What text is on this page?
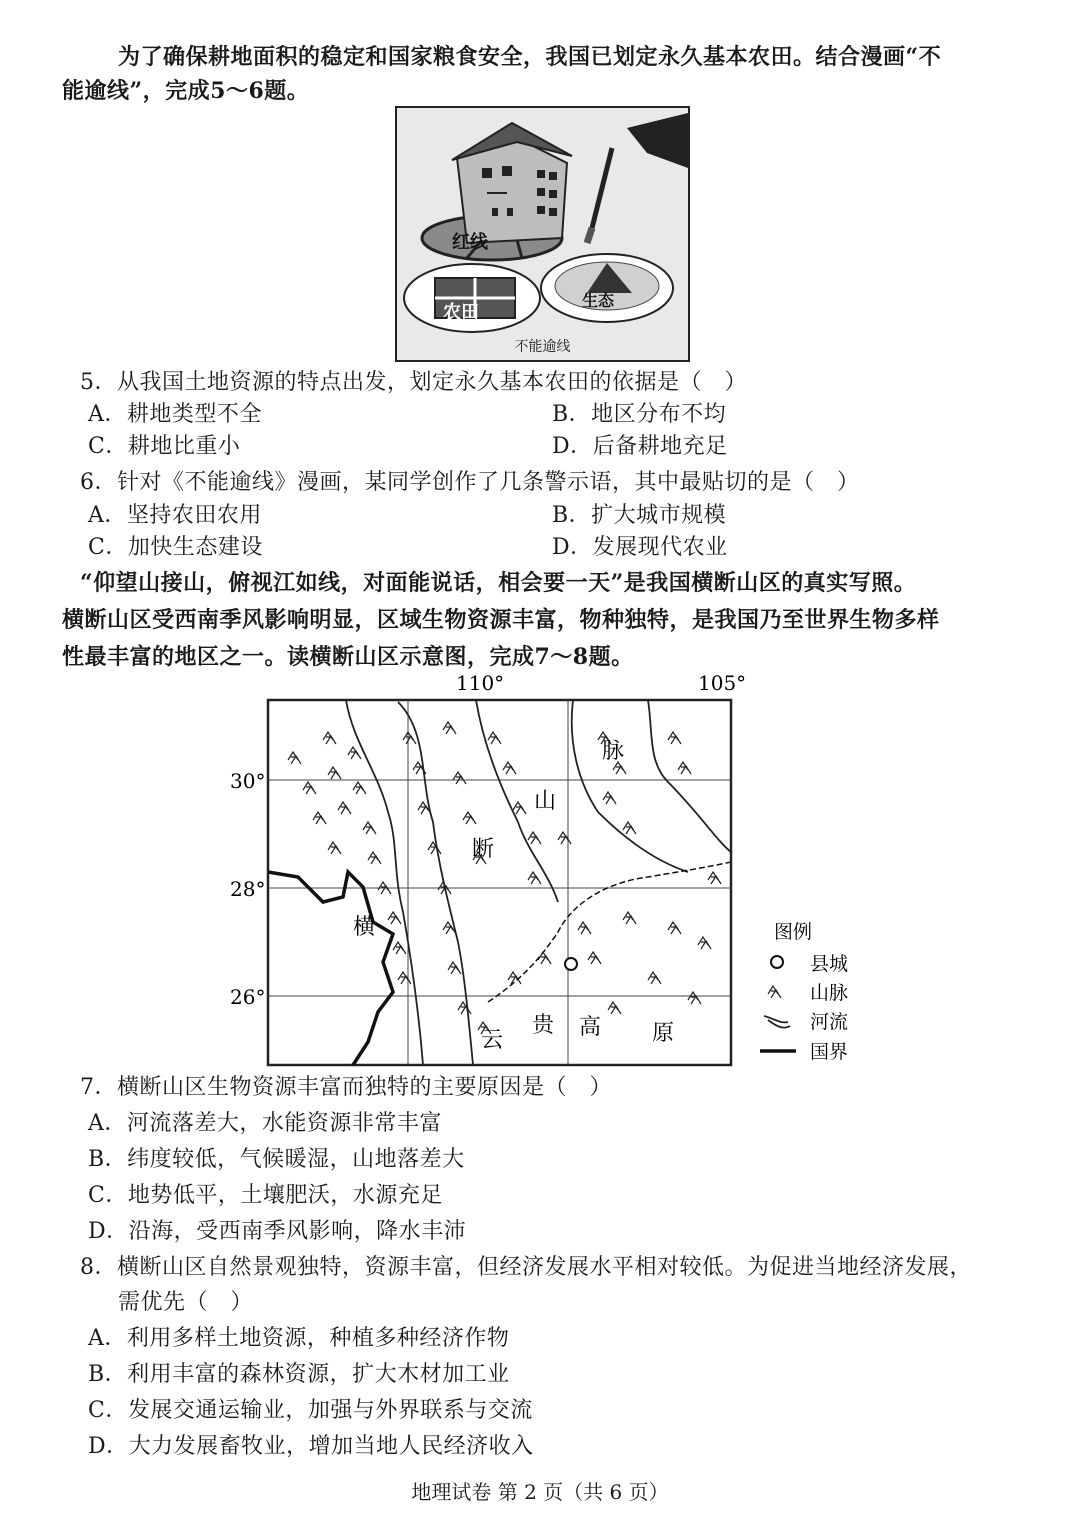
为了确保耕地面积的稳定和国家粮食安全，我国已划定永久基本农田。结合漫画“不
能逾线”，完成5～6题。
红线
农田
生态
不能逾线
5．从我国土地资源的特点出发，划定永久基本农田的依据是（　）
A．耕地类型不全	B．地区分布不均
C．耕地比重小	D．后备耕地充足
6．针对《不能逾线》漫画，某同学创作了几条警示语，其中最贴切的是（　）
A．坚持农田农用	B．扩大城市规模
C．加快生态建设	D．发展现代农业
“仰望山接山，俯视江如线，对面能说话，相会要一天”是我国横断山区的真实写照。
横断山区受西南季风影响明显，区域生物资源丰富，物种独特，是我国乃至世界生物多样
性最丰富的地区之一。读横断山区示意图，完成7～8题。
110°	105°
30°
28°
26°
横
断
山
脉
云
贵 高 原
图例
县城
山脉
河流
国界
7．横断山区生物资源丰富而独特的主要原因是（　）
A．河流落差大，水能资源非常丰富
B．纬度较低，气候暖湿，山地落差大
C．地势低平，土壤肥沃，水源充足
D．沿海，受西南季风影响，降水丰沛
8．横断山区自然景观独特，资源丰富，但经济发展水平相对较低。为促进当地经济发展，
需优先（　）
A．利用多样土地资源，种植多种经济作物
B．利用丰富的森林资源，扩大木材加工业
C．发展交通运输业，加强与外界联系与交流
D．大力发展畜牧业，增加当地人民经济收入
地理试卷 第 2 页（共 6 页）
